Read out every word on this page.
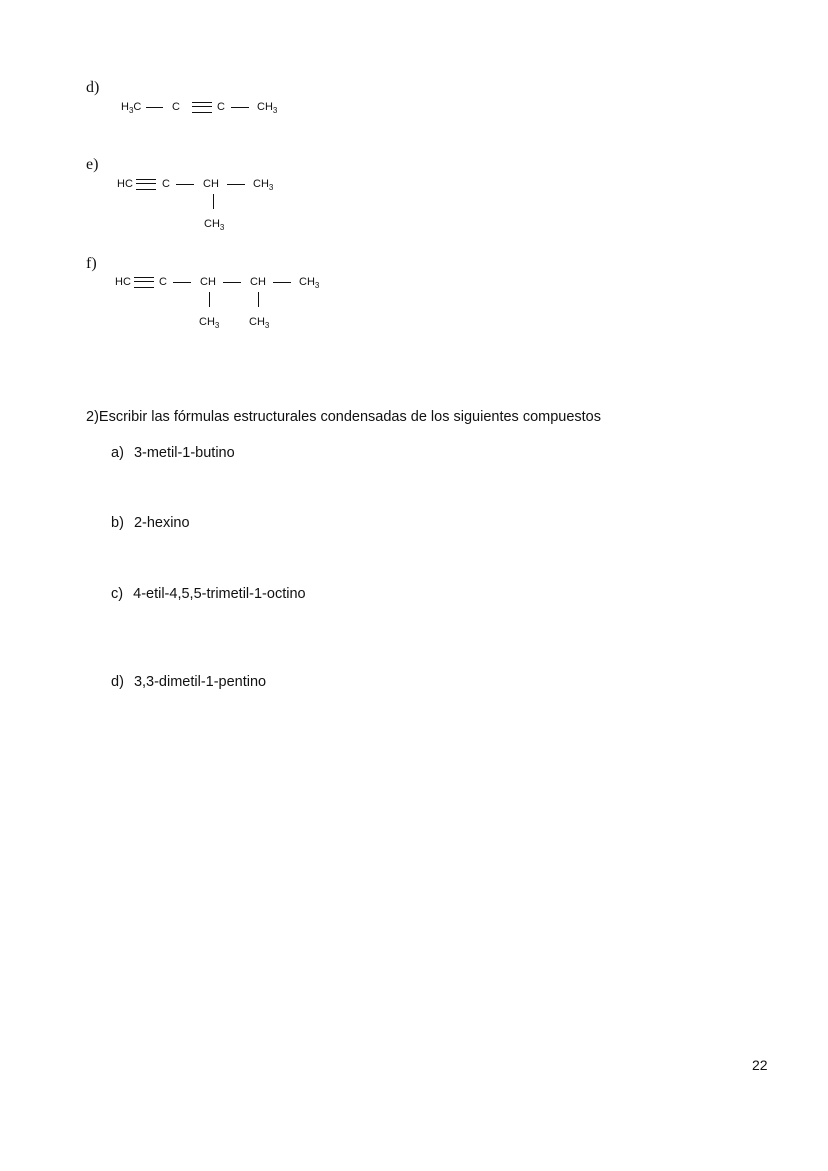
d)
$H_3C$	C	C	$CH_3$
e)
HC	C	CH	$CH_3$
$CH_3$
f)
HC	C	CH	CH	$CH_3$
$CH_3$	$CH_3$
2)Escribir las fórmulas estructurales condensadas de los siguientes compuestos
a) 3-metil-1-butino
b) 2-hexino
c) 4-etil-4,5,5-trimetil-1-octino
d) 3,3-dimetil-1-pentino
22
